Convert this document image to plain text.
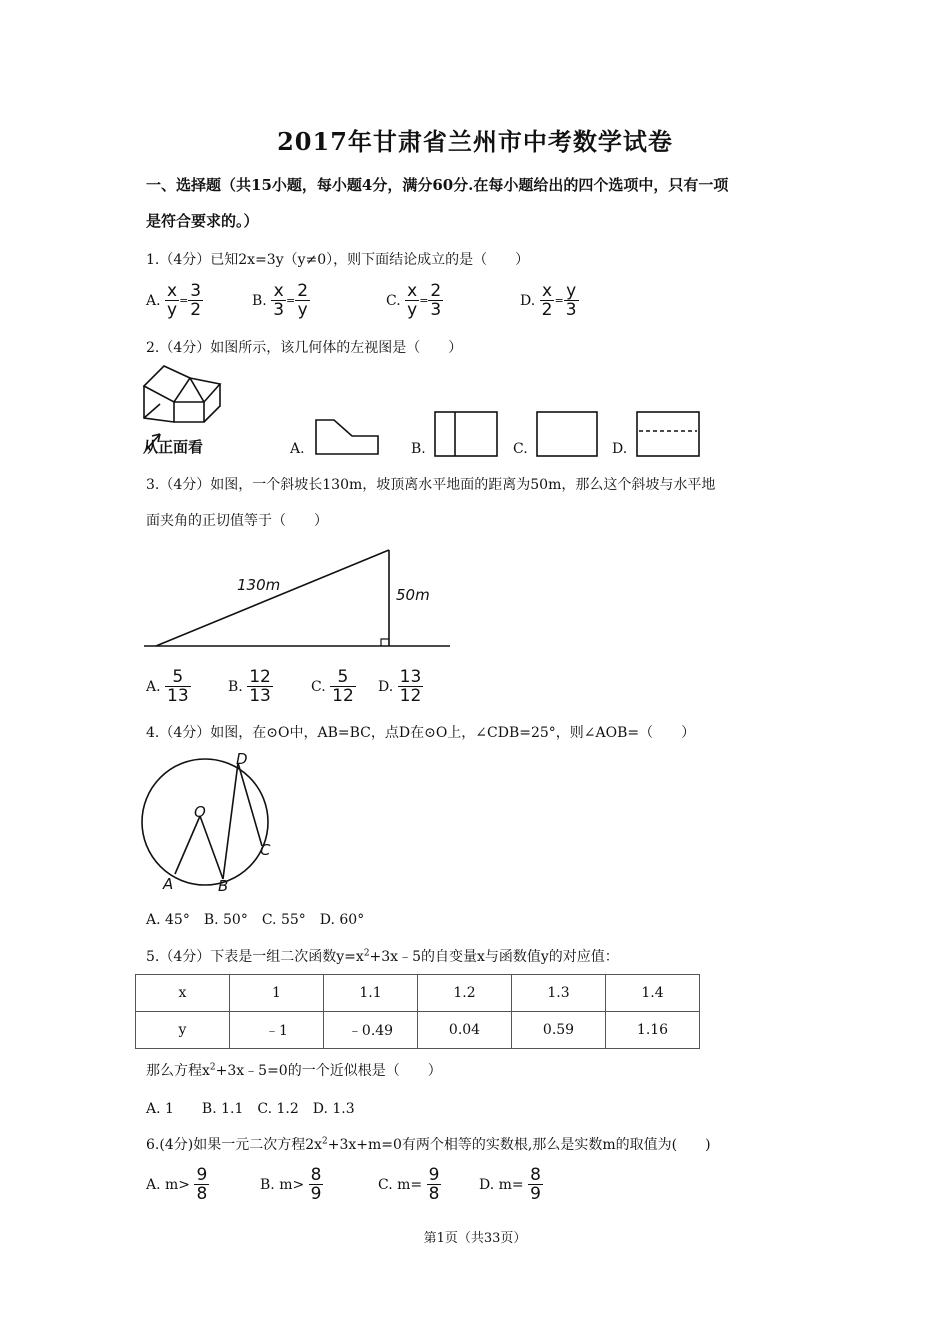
2017年甘肃省兰州市中考数学试卷
一、选择题（共15小题，每小题4分，满分60分.在每小题给出的四个选项中，只有一项
是符合要求的。）
1.（4分）已知2x=3y（y≠0），则下面结论成立的是（　　）
A. $\frac{x}{y} = \frac{3}{2}$	B. $\frac{x}{3} = \frac{2}{y}$	C. $\frac{x}{y} = \frac{2}{3}$	D. $\frac{x}{2} = \frac{y}{3}$
2.（4分）如图所示，该几何体的左视图是（　　）
从正面看	A.	B.	C.	D.
3.（4分）如图，一个斜坡长130m，坡顶离水平地面的距离为50m，那么这个斜坡与水平地
面夹角的正切值等于（　　）
130m
50m
A. $\frac{5}{13}$	B. $\frac{12}{13}$	C. $\frac{5}{12} D$. $\frac{13}{12}$
4.（4分）如图，在⊙O中，AB=BC，点D在⊙O上，∠CDB=25°，则∠AOB=（　　）
O
A	B
C
D
A. 45°　B. 50°　C. 55°　D. 60°
5.（4分）下表是一组二次函数$y=x^2+3x﹣5$的自变量x与函数值y的对应值：
x	1	1.1	1.2	1.3	1.4
y	﹣1	﹣0.49	0.04	0.59	1.16
那么方程$x^2+3x﹣5=0$的一个近似根是（　　）
A. 1　　B. 1.1　C. 1.2　D. 1.3
6.(4分)如果一元二次方程$2x^2+3x+m=0$有两个相等的实数根,那么是实数m的取值为(　　)
A. $m> \frac{9}{8}$	B. $m> \frac{8}{9}$	C. $m= \frac{9}{8}$	D. $m= \frac{8}{9}$
第1页（共33页）
